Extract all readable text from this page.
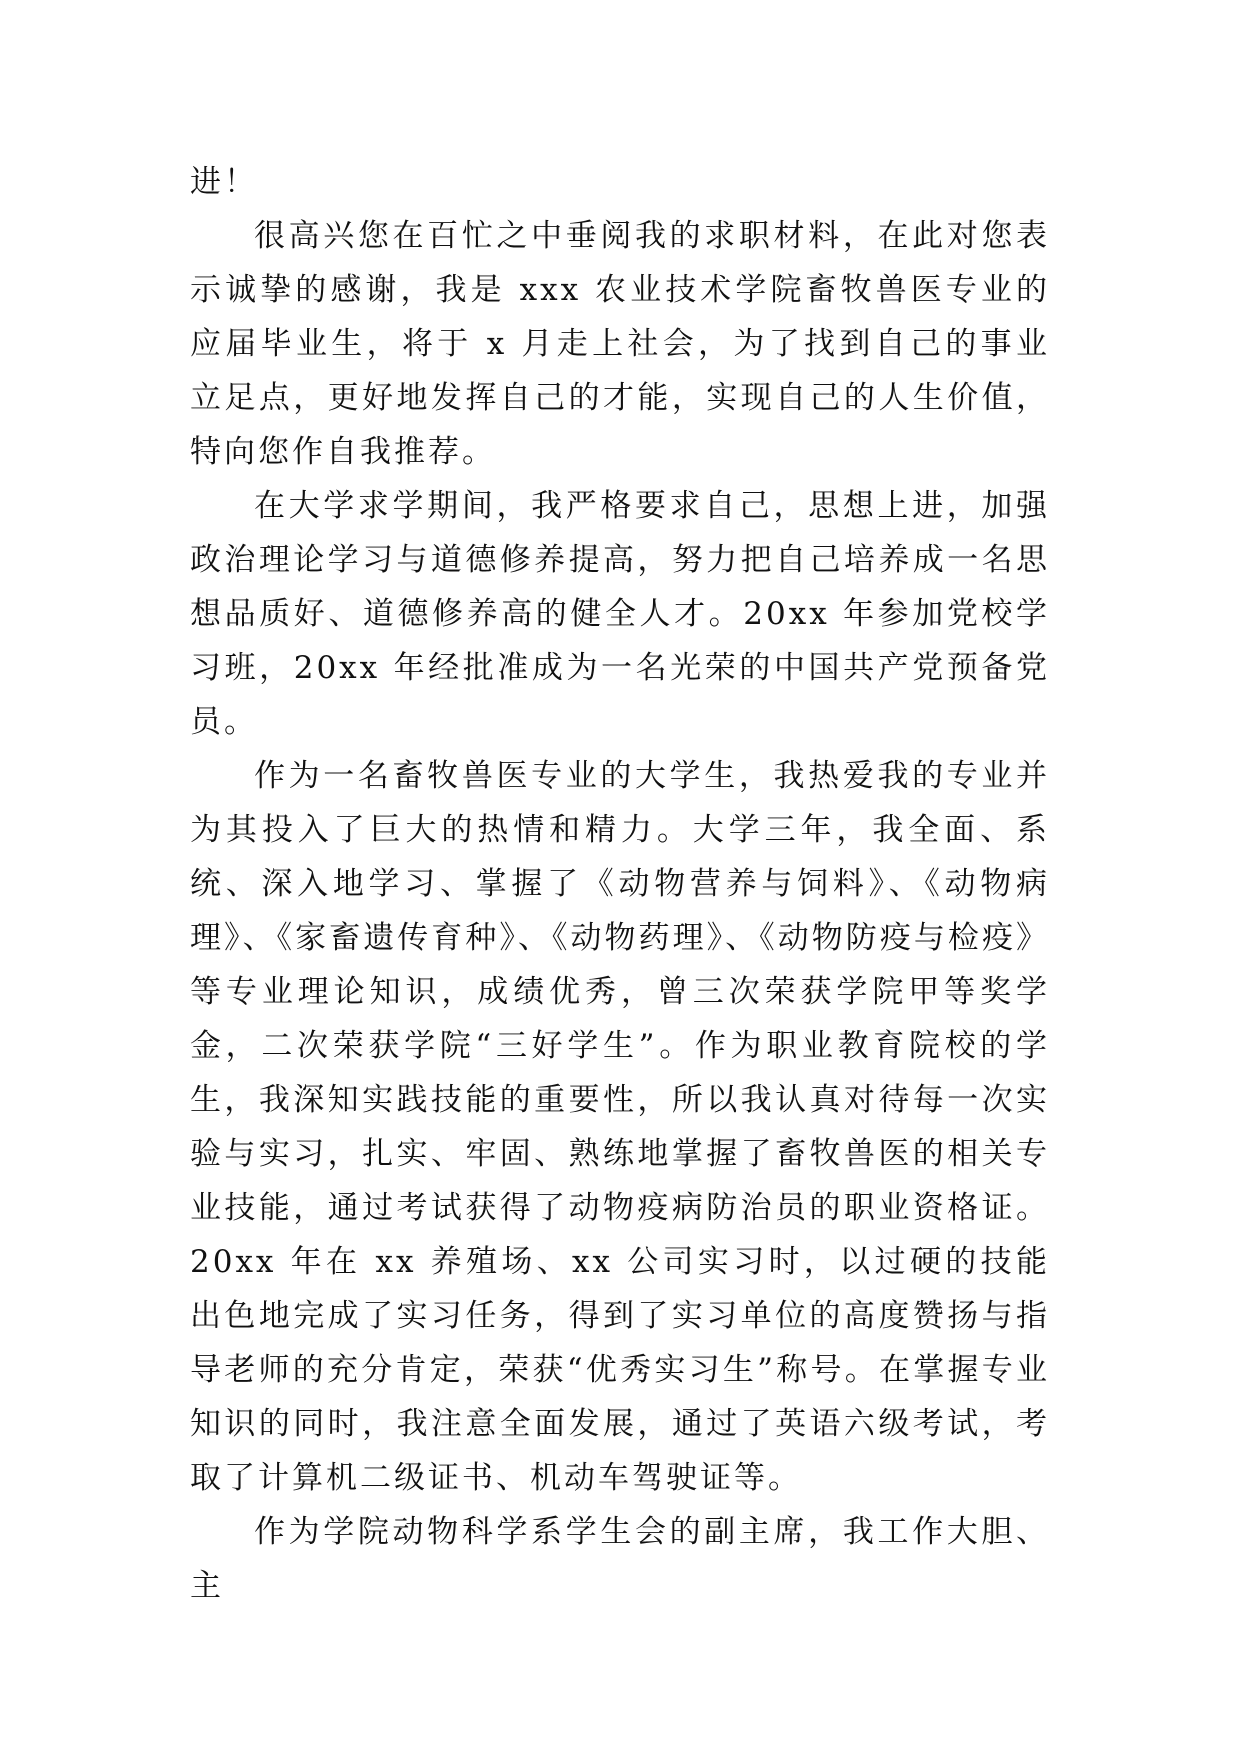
进！

很高兴您在百忙之中垂阅我的求职材料，在此对您表示诚挚的感谢，我是 xxx 农业技术学院畜牧兽医专业的应届毕业生，将于 x 月走上社会，为了找到自己的事业立足点，更好地发挥自己的才能，实现自己的人生价值，特向您作自我推荐。

在大学求学期间，我严格要求自己，思想上进，加强政治理论学习与道德修养提高，努力把自己培养成一名思想品质好、道德修养高的健全人才。20xx 年参加党校学习班，20xx 年经批准成为一名光荣的中国共产党预备党员。

作为一名畜牧兽医专业的大学生，我热爱我的专业并为其投入了巨大的热情和精力。大学三年，我全面、系统、深入地学习、掌握了《动物营养与饲料》、《动物病理》、《家畜遗传育种》、《动物药理》、《动物防疫与检疫》等专业理论知识，成绩优秀，曾三次荣获学院甲等奖学金，二次荣获学院“三好学生”。作为职业教育院校的学生，我深知实践技能的重要性，所以我认真对待每一次实验与实习，扎实、牢固、熟练地掌握了畜牧兽医的相关专业技能，通过考试获得了动物疫病防治员的职业资格证。20xx 年在 xx 养殖场、xx 公司实习时，以过硬的技能出色地完成了实习任务，得到了实习单位的高度赞扬与指导老师的充分肯定，荣获“优秀实习生”称号。在掌握专业知识的同时，我注意全面发展，通过了英语六级考试，考取了计算机二级证书、机动车驾驶证等。

作为学院动物科学系学生会的副主席，我工作大胆、主
